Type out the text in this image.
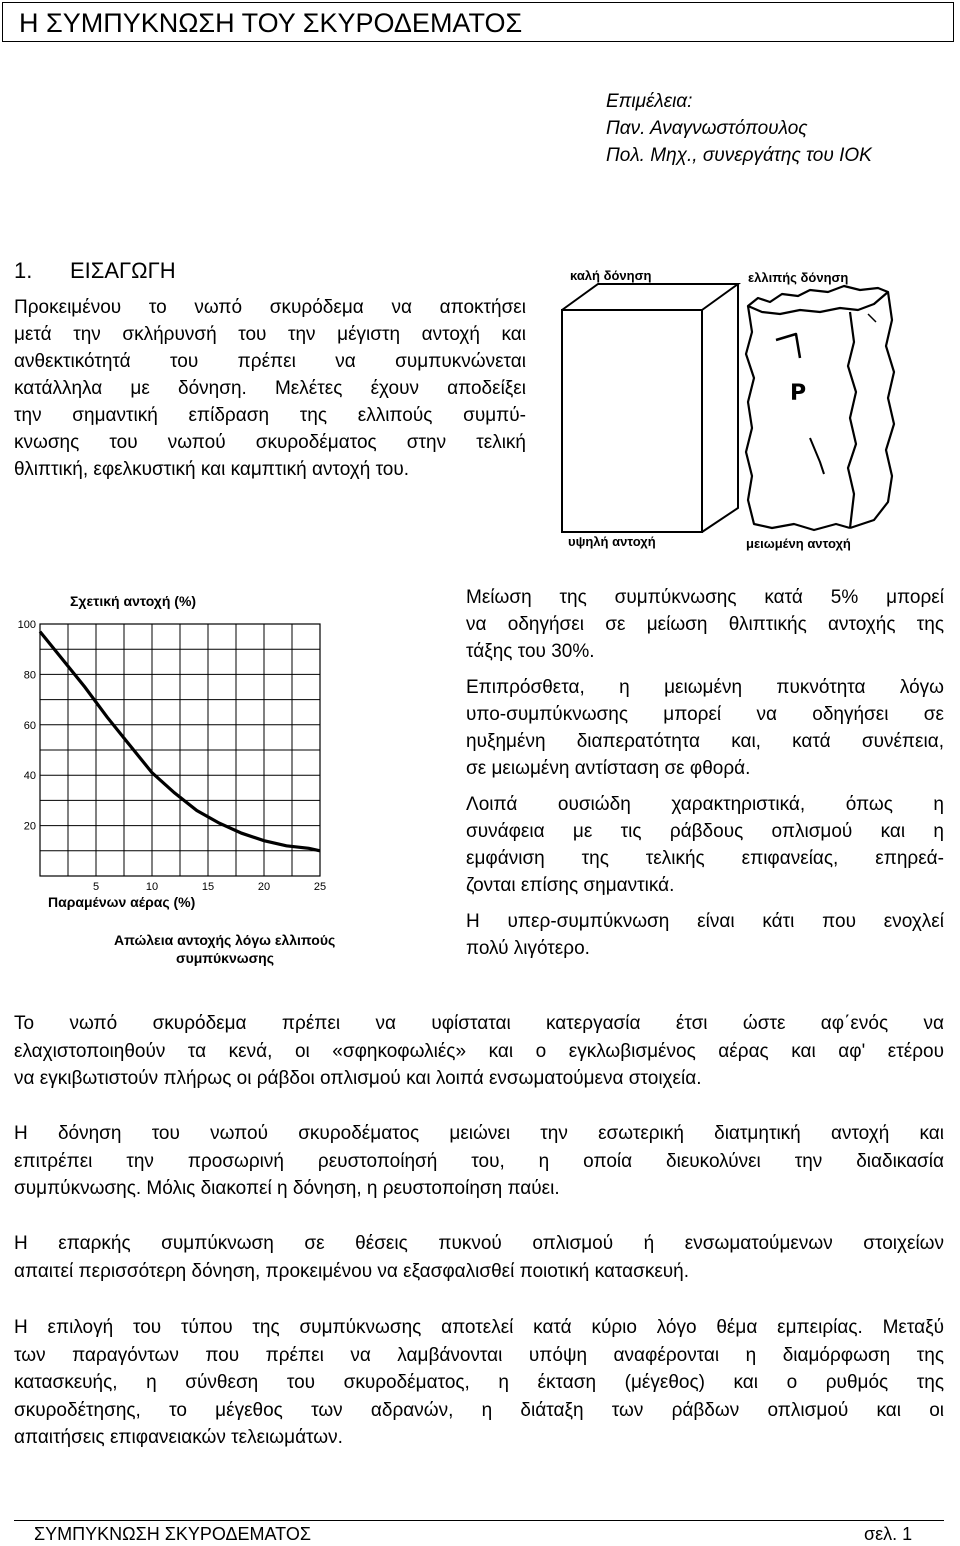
Η ΣΥΜΠΥΚΝΩΣΗ ΤΟΥ ΣΚΥΡΟΔΕΜΑΤΟΣ
Επιμέλεια:
Παν. Αναγνωστόπουλος
Πολ. Μηχ., συνεργάτης του ΙΟΚ
1. ΕΙΣΑΓΩΓΗ
Προκειμένου το νωπό σκυρόδεμα να αποκτήσει
μετά την σκλήρυνσή του την μέγιστη αντοχή και
ανθεκτικότητά του πρέπει να συμπυκνώνεται
κατάλληλα με δόνηση. Μελέτες έχουν αποδείξει
την σημαντική επίδραση της ελλιπούς συμπύ-
κνωσης του νωπού σκυροδέματος στην τελική
θλιπτική, εφελκυστική και καμπτική αντοχή του.
καλή δόνηση	ελλιπής δόνηση
Ρ
υψηλή αντοχή	μειωμένη αντοχή
Σχετική αντοχή (%)
20
40
60
80
100
5	10	15	20	25
Παραμένων αέρας (%)
Απώλεια αντοχής λόγω ελλιπούς
συμπύκνωσης

Μείωση της συμπύκνωσης κατά 5% μπορεί
να οδηγήσει σε μείωση θλιπτικής αντοχής της
τάξης του 30%.

Επιπρόσθετα, η μειωμένη πυκνότητα λόγω
υπο-συμπύκνωσης μπορεί να οδηγήσει σε
ηυξημένη διαπερατότητα και, κατά συνέπεια,
σε μειωμένη αντίσταση σε φθορά.

Λοιπά ουσιώδη χαρακτηριστικά, όπως η
συνάφεια με τις ράβδους οπλισμού και η
εμφάνιση της τελικής επιφανείας, επηρεά-
ζονται επίσης σημαντικά.

Η υπερ-συμπύκνωση είναι κάτι που ενοχλεί
πολύ λιγότερο.

Το νωπό σκυρόδεμα πρέπει να υφίσταται κατεργασία έτσι ώστε αφ΄ενός να
ελαχιστοποιηθούν τα κενά, οι «σφηκοφωλιές» και ο εγκλωβισμένος αέρας και αφ' ετέρου
να εγκιβωτιστούν πλήρως οι ράβδοι οπλισμού και λοιπά ενσωματούμενα στοιχεία.
Η δόνηση του νωπού σκυροδέματος μειώνει την εσωτερική διατμητική αντοχή και
επιτρέπει την προσωρινή ρευστοποίησή του, η οποία διευκολύνει την διαδικασία
συμπύκνωσης. Μόλις διακοπεί η δόνηση, η ρευστοποίηση παύει.
Η επαρκής συμπύκνωση σε θέσεις πυκνού οπλισμού ή ενσωματούμενων στοιχείων
απαιτεί περισσότερη δόνηση, προκειμένου να εξασφαλισθεί ποιοτική κατασκευή.
Η επιλογή του τύπου της συμπύκνωσης αποτελεί κατά κύριο λόγο θέμα εμπειρίας. Μεταξύ
των παραγόντων που πρέπει να λαμβάνονται υπόψη αναφέρονται η διαμόρφωση της
κατασκευής, η σύνθεση του σκυροδέματος, η έκταση (μέγεθος) και ο ρυθμός της
σκυροδέτησης, το μέγεθος των αδρανών, η διάταξη των ράβδων οπλισμού και οι
απαιτήσεις επιφανειακών τελειωμάτων.
ΣΥΜΠΥΚΝΩΣΗ ΣΚΥΡΟΔΕΜΑΤΟΣ	σελ. 1
